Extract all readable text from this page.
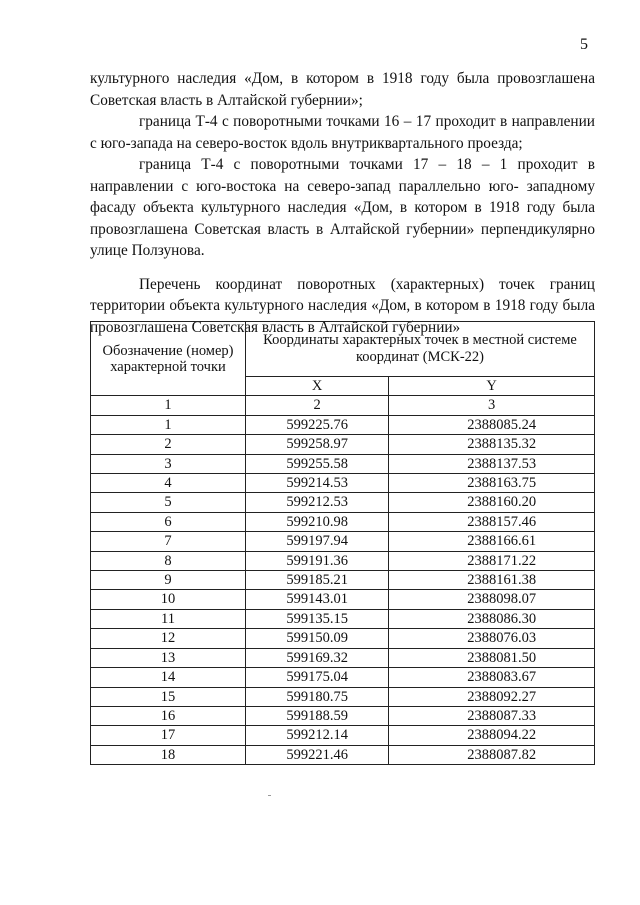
5

культурного наследия «Дом, в котором в 1918 году была провозглашена Советская власть в Алтайской губернии»;

граница Т-4 с поворотными точками 16 – 17 проходит в направлении с юго-запада на северо-восток вдоль внутриквартального проезда;

граница Т-4 с поворотными точками 17 – 18 – 1 проходит в направлении с юго-востока на северо-запад параллельно юго- западному фасаду объекта культурного наследия «Дом, в котором в 1918 году была провозглашена Советская власть в Алтайской губернии» перпендикулярно улице Ползунова.

Перечень координат поворотных (характерных) точек границ территории объекта культурного наследия «Дом, в котором в 1918 году была провозглашена Советская власть в Алтайской губернии»

Обозначение (номер) характерной точки	Координаты характерных точек в местной системе координат (МСК-22)	
	X	Y
1	2	3
1	599225.76	2388085.24
2	599258.97	2388135.32
3	599255.58	2388137.53
4	599214.53	2388163.75
5	599212.53	2388160.20
6	599210.98	2388157.46
7	599197.94	2388166.61
8	599191.36	2388171.22
9	599185.21	2388161.38
10	599143.01	2388098.07
11	599135.15	2388086.30
12	599150.09	2388076.03
13	599169.32	2388081.50
14	599175.04	2388083.67
15	599180.75	2388092.27
16	599188.59	2388087.33
17	599212.14	2388094.22
18	599221.46	2388087.82
